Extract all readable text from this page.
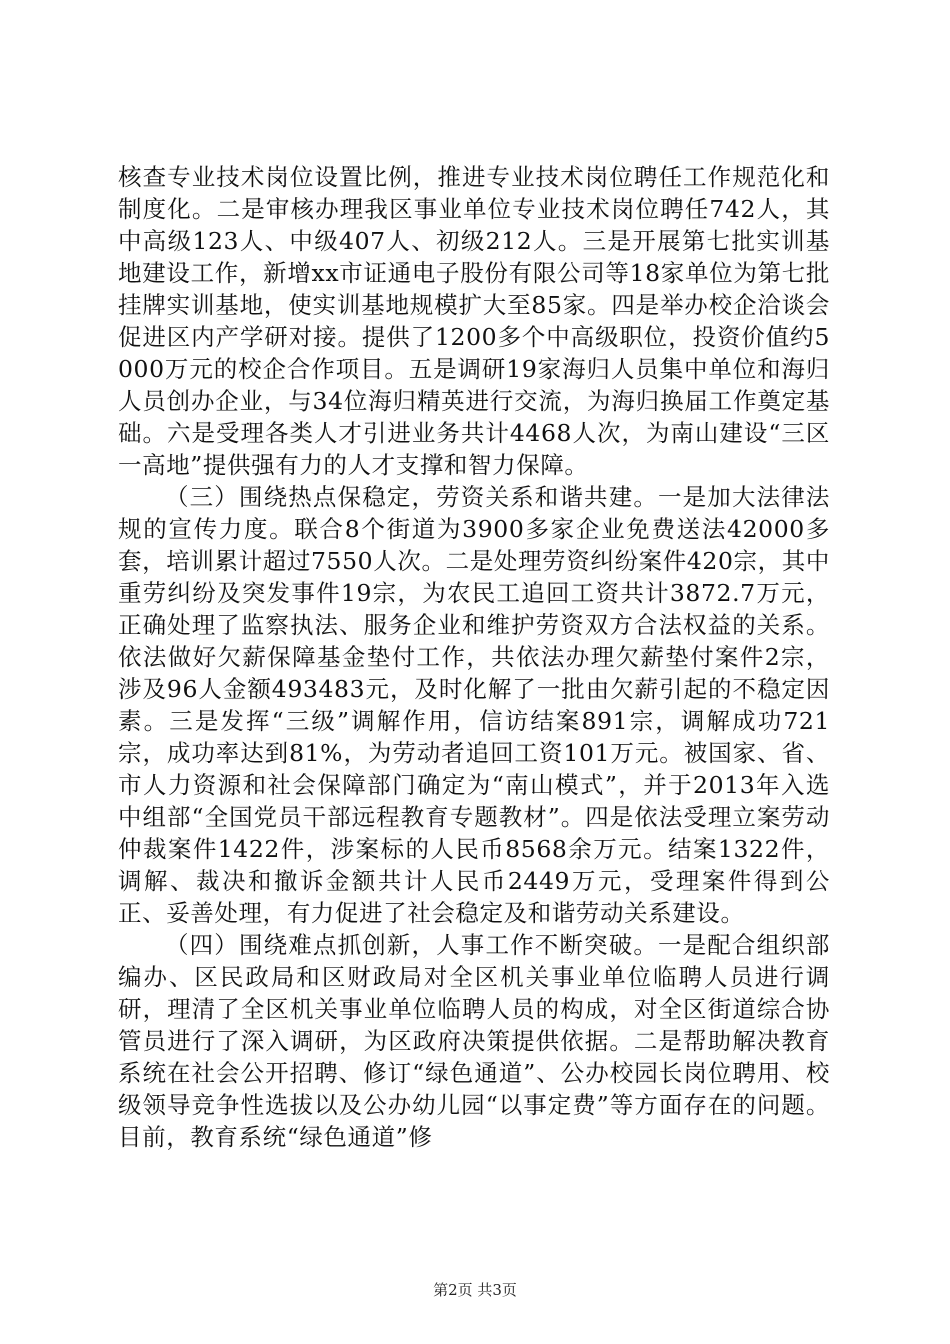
核查专业技术岗位设置比例，推进专业技术岗位聘任工作规范化和制度化。二是审核办理我区事业单位专业技术岗位聘任742人，其中高级123人、中级407人、初级212人。三是开展第七批实训基地建设工作，新增xx市证通电子股份有限公司等18家单位为第七批挂牌实训基地，使实训基地规模扩大至85家。四是举办校企洽谈会促进区内产学研对接。提供了1200多个中高级职位，投资价值约5000万元的校企合作项目。五是调研19家海归人员集中单位和海归人员创办企业，与34位海归精英进行交流，为海归换届工作奠定基础。六是受理各类人才引进业务共计4468人次，为南山建设“三区一高地”提供强有力的人才支撑和智力保障。

（三）围绕热点保稳定，劳资关系和谐共建。一是加大法律法规的宣传力度。联合8个街道为3900多家企业免费送法42000多套，培训累计超过7550人次。二是处理劳资纠纷案件420宗，其中重劳纠纷及突发事件19宗，为农民工追回工资共计3872.7万元，正确处理了监察执法、服务企业和维护劳资双方合法权益的关系。依法做好欠薪保障基金垫付工作，共依法办理欠薪垫付案件2宗，涉及96人金额493483元，及时化解了一批由欠薪引起的不稳定因素。三是发挥“三级”调解作用，信访结案891宗，调解成功721宗，成功率达到81%，为劳动者追回工资101万元。被国家、省、市人力资源和社会保障部门确定为“南山模式”，并于2013年入选中组部“全国党员干部远程教育专题教材”。四是依法受理立案劳动仲裁案件1422件，涉案标的人民币8568余万元。结案1322件，调解、裁决和撤诉金额共计人民币2449万元，受理案件得到公正、妥善处理，有力促进了社会稳定及和谐劳动关系建设。

（四）围绕难点抓创新，人事工作不断突破。一是配合组织部编办、区民政局和区财政局对全区机关事业单位临聘人员进行调研，理清了全区机关事业单位临聘人员的构成，对全区街道综合协管员进行了深入调研，为区政府决策提供依据。二是帮助解决教育系统在社会公开招聘、修订“绿色通道”、公办校园长岗位聘用、校级领导竞争性选拔以及公办幼儿园“以事定费”等方面存在的问题。目前，教育系统“绿色通道”修

第2页 共3页
